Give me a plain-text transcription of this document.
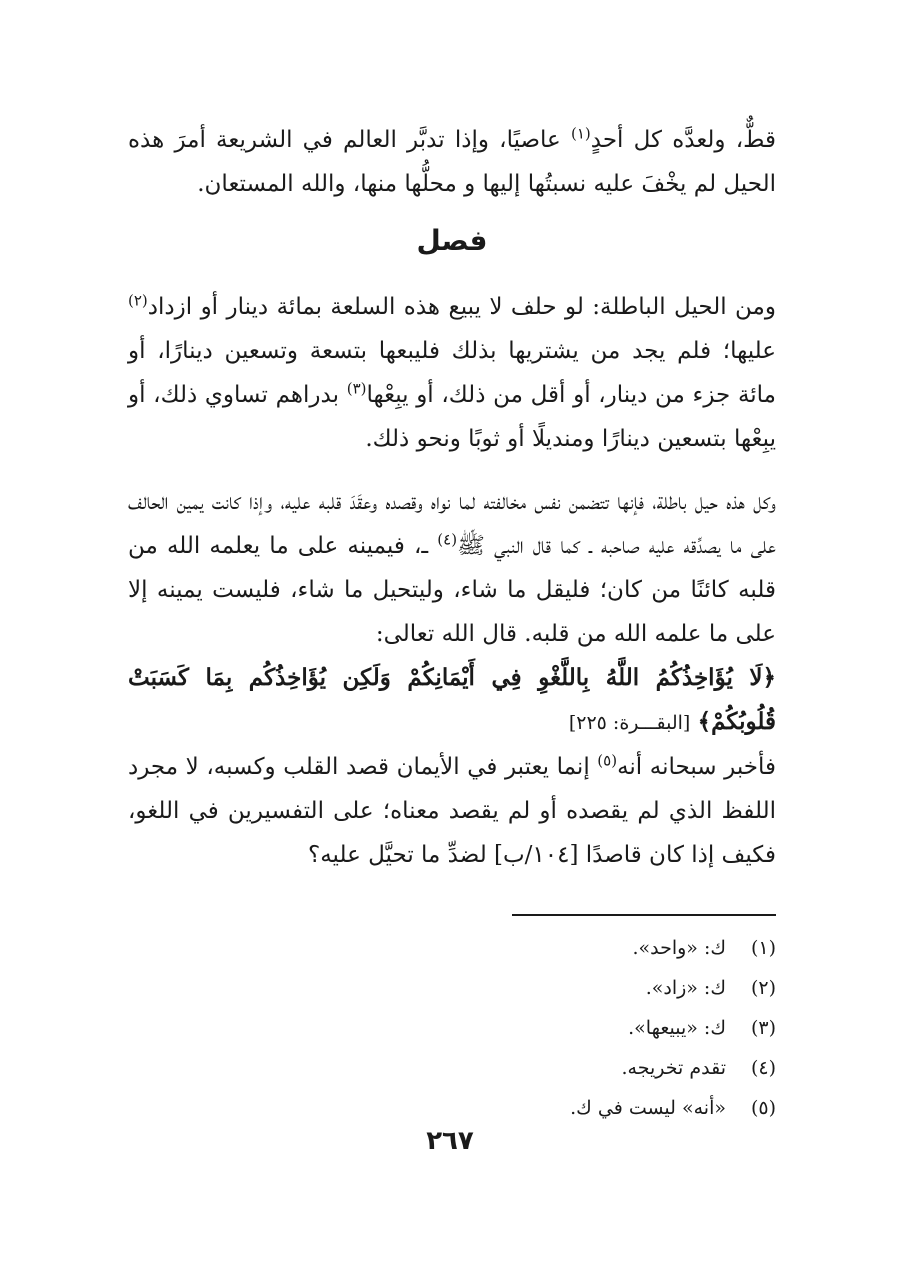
قطٌّ، ولعدَّه كل أحدٍ$^{(١)}$ عاصيًا، وإذا تدبَّر العالم في الشريعة أمرَ هذه الحيل لم يخْفَ عليه نسبتُها إليها و محلُّها منها، والله المستعان.
فصل
ومن الحيل الباطلة: لو حلف لا يبيع هذه السلعة بمائة دينار أو ازداد$^{(٢)}$ عليها؛ فلم يجد من يشتريها بذلك فليبعها بتسعة وتسعين دينارًا، أو مائة جزء من دينار، أو أقل من ذلك، أو يبِعْها$^{(٣)}$ بدراهم تساوي ذلك، أو يبِعْها بتسعين دينارًا ومنديلًا أو ثوبًا ونحو ذلك.

وكل هذه حيل باطلة، فإنها تتضمن نفس مخالفته لما نواه وقصده وعقَدَ قلبه عليه، وإذا كانت يمين الحالف على ما يصدِّقه عليه صاحبه ـ كما قال النبي ﷺ$^{(٤)}$ ـ، فيمينه على ما يعلمه الله من قلبه كائنًا من كان؛ فليقل ما شاء، وليتحيل ما شاء، فليست يمينه إلا على ما علمه الله من قلبه. قال الله تعالى:

﴿لَا يُؤَاخِذُكُمُ اللَّهُ بِاللَّغْوِ فِي أَيْمَانِكُمْ وَلَكِن يُؤَاخِذُكُم بِمَا كَسَبَتْ قُلُوبُكُمْ﴾ [البقـــرة: ٢٢٥]

فأخبر سبحانه أنه$^{(٥)}$ إنما يعتبر في الأيمان قصد القلب وكسبه، لا مجرد اللفظ الذي لم يقصده أو لم يقصد معناه؛ على التفسيرين في اللغو، فكيف إذا كان قاصدًا [١٠٤/ب] لضدِّ ما تحيَّل عليه؟

(١)
ك: «واحد».
(٢)
ك: «زاد».
(٣)
ك: «يبيعها».
(٤)
تقدم تخريجه.
(٥)
«أنه» ليست في ك.
٢٦٧
